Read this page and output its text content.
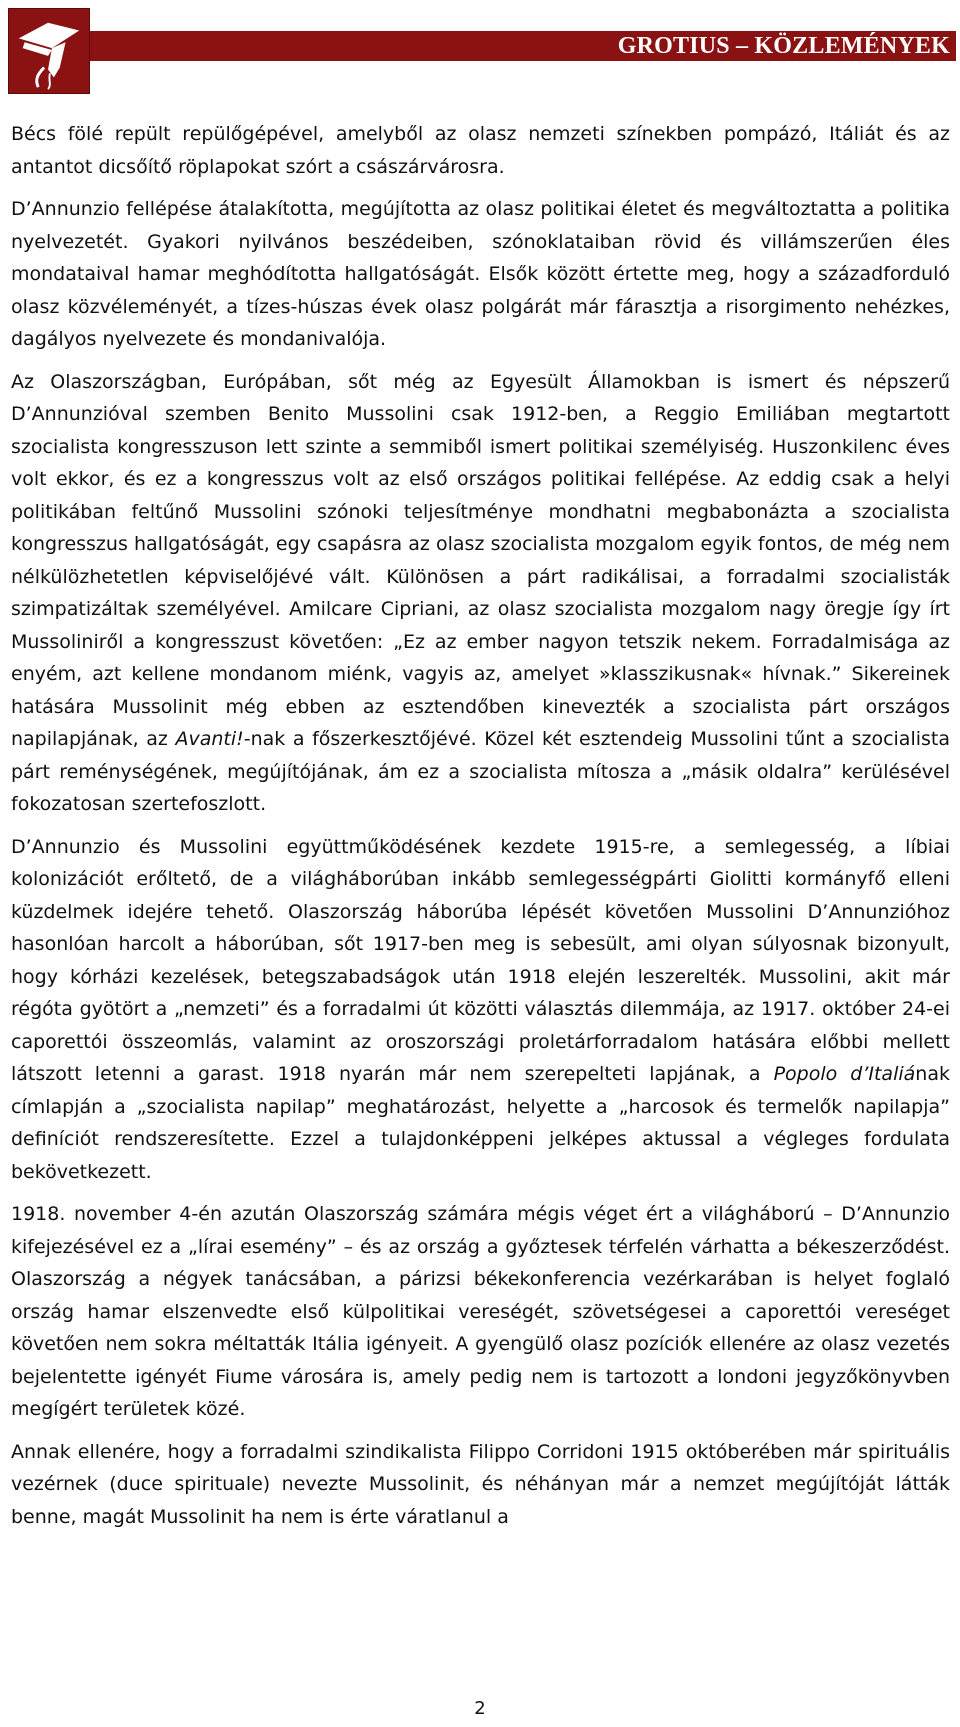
GROTIUS – KÖZLEMÉNYEK

Bécs fölé repült repülőgépével, amelyből az olasz nemzeti színekben pompázó, Itáliát és az antantot dicsőítő röplapokat szórt a császárvárosra.

D’Annunzio fellépése átalakította, megújította az olasz politikai életet és megváltoztatta a politika nyelvezetét. Gyakori nyilvános beszédeiben, szónoklataiban rövid és villámszerűen éles mondataival hamar meghódította hallgatóságát. Elsők között értette meg, hogy a századforduló olasz közvéleményét, a tízes-húszas évek olasz polgárát már fárasztja a risorgimento nehézkes, dagályos nyelvezete és mondanivalója.

Az Olaszországban, Európában, sőt még az Egyesült Államokban is ismert és népszerű D’Annunzióval szemben Benito Mussolini csak 1912-ben, a Reggio Emiliában megtartott szocialista kongresszuson lett szinte a semmiből ismert politikai személyiség. Huszonkilenc éves volt ekkor, és ez a kongresszus volt az első országos politikai fellépése. Az eddig csak a helyi politikában feltűnő Mussolini szónoki teljesítménye mondhatni megbabonázta a szocialista kongresszus hallgatóságát, egy csapásra az olasz szocialista mozgalom egyik fontos, de még nem nélkülözhetetlen képviselőjévé vált. Különösen a párt radikálisai, a forradalmi szocialisták szimpatizáltak személyével. Amilcare Cipriani, az olasz szocialista mozgalom nagy öregje így írt Mussoliniről a kongresszust követően: „Ez az ember nagyon tetszik nekem. Forradalmisága az enyém, azt kellene mondanom miénk, vagyis az, amelyet »klasszikusnak« hívnak.” Sikereinek hatására Mussolinit még ebben az esztendőben kinevezték a szocialista párt országos napilapjának, az Avanti!-nak a főszerkesztőjévé. Közel két esztendeig Mussolini tűnt a szocialista párt reménységének, megújítójának, ám ez a szocialista mítosza a „másik oldalra” kerülésével fokozatosan szertefoszlott.

D’Annunzio és Mussolini együttműködésének kezdete 1915-re, a semlegesség, a líbiai kolonizációt erőltető, de a világháborúban inkább semlegességpárti Giolitti kormányfő elleni küzdelmek idejére tehető. Olaszország háborúba lépését követően Mussolini D’Annunzióhoz hasonlóan harcolt a háborúban, sőt 1917-ben meg is sebesült, ami olyan súlyosnak bizonyult, hogy kórházi kezelések, betegszabadságok után 1918 elején leszerelték. Mussolini, akit már régóta gyötört a „nemzeti” és a forradalmi út közötti választás dilemmája, az 1917. október 24-ei caporettói összeomlás, valamint az oroszországi proletárforradalom hatására előbbi mellett látszott letenni a garast. 1918 nyarán már nem szerepelteti lapjának, a Popolo d’Italiának címlapján a „szocialista napilap” meghatározást, helyette a „harcosok és termelők napilapja” definíciót rendszeresítette. Ezzel a tulajdonképpeni jelképes aktussal a végleges fordulata bekövetkezett.

1918. november 4-én azután Olaszország számára mégis véget ért a világháború – D’Annunzio kifejezésével ez a „lírai esemény” – és az ország a győztesek térfelén várhatta a békeszerződést. Olaszország a négyek tanácsában, a párizsi békekonferencia vezérkarában is helyet foglaló ország hamar elszenvedte első külpolitikai vereségét, szövetségesei a caporettói vereséget követően nem sokra méltatták Itália igényeit. A gyengülő olasz pozíciók ellenére az olasz vezetés bejelentette igényét Fiume városára is, amely pedig nem is tartozott a londoni jegyzőkönyvben megígért területek közé.

Annak ellenére, hogy a forradalmi szindikalista Filippo Corridoni 1915 októberében már spirituális vezérnek (duce spirituale) nevezte Mussolinit, és néhányan már a nemzet megújítóját látták benne, magát Mussolinit ha nem is érte váratlanul a

2
